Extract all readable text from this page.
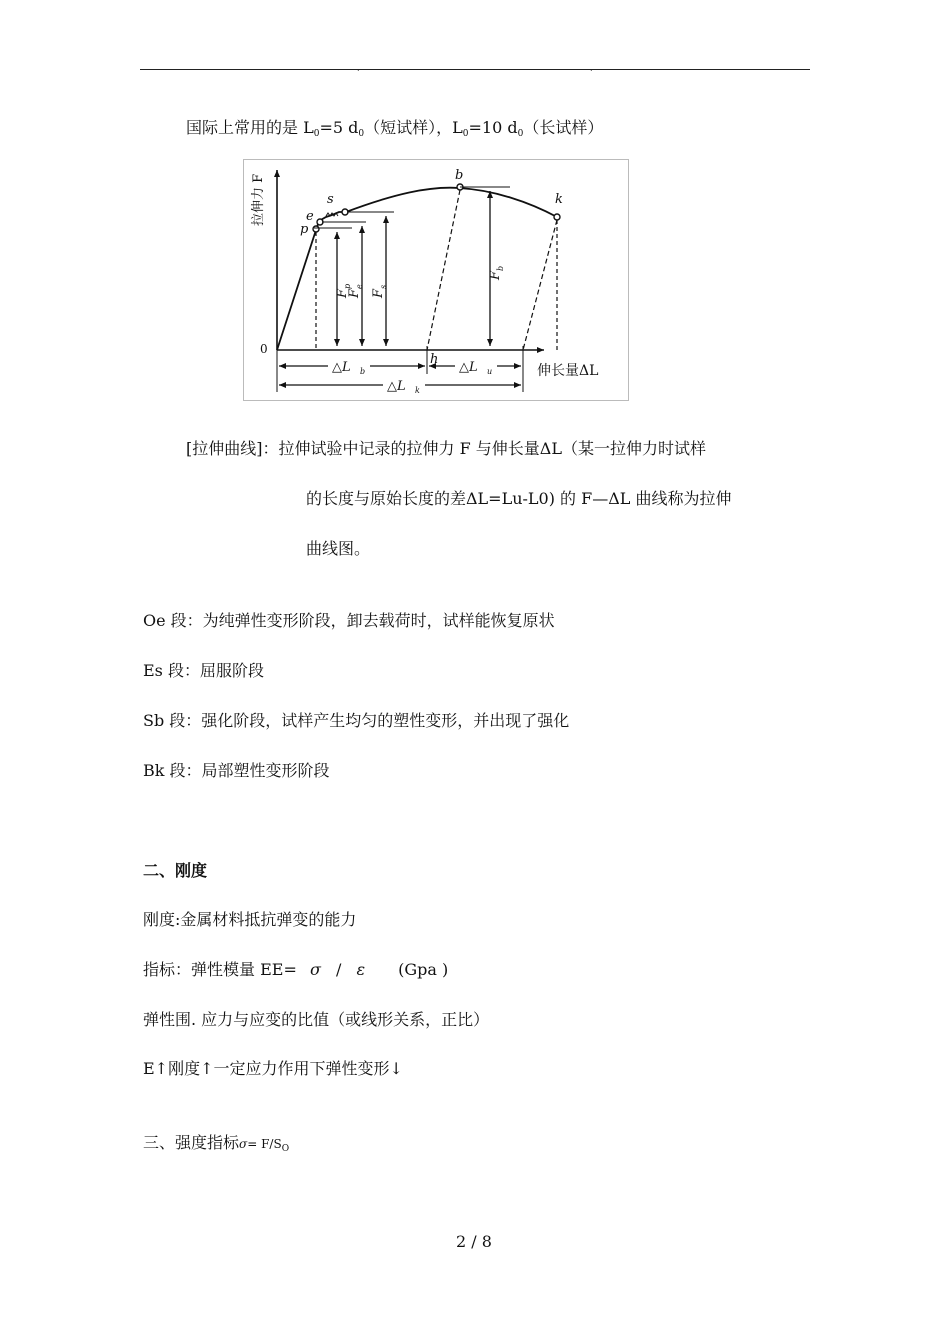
.	.
国际上常用的是 $L_0=5$ $d_0$（短试样），$L_0=10$ $d_0$（长试样）
拉伸力 F
伸长量ΔL
0
p
e
s
b
k
h
F
p
F
e
F
s
F
b
△L b	△L u
△L k
[拉伸曲线]：拉伸试验中记录的拉伸力 F 与伸长量ΔL（某一拉伸力时试样
的长度与原始长度的差ΔL=Lu-L0) 的 F—ΔL 曲线称为拉伸
曲线图。
Oe 段：为纯弹性变形阶段，卸去载荷时，试样能恢复原状
Es 段：屈服阶段
Sb 段：强化阶段，试样产生均匀的塑性变形，并出现了强化
Bk 段：局部塑性变形阶段
二、刚度
刚度:金属材料抵抗弹变的能力
指标：弹性模量 EE= σ / ε (Gpa )
弹性围. 应力与应变的比值（或线形关系，正比）
E↑刚度↑一定应力作用下弹性变形↓
三、强度指标$\sigma= F/S_O$
2 / 8
